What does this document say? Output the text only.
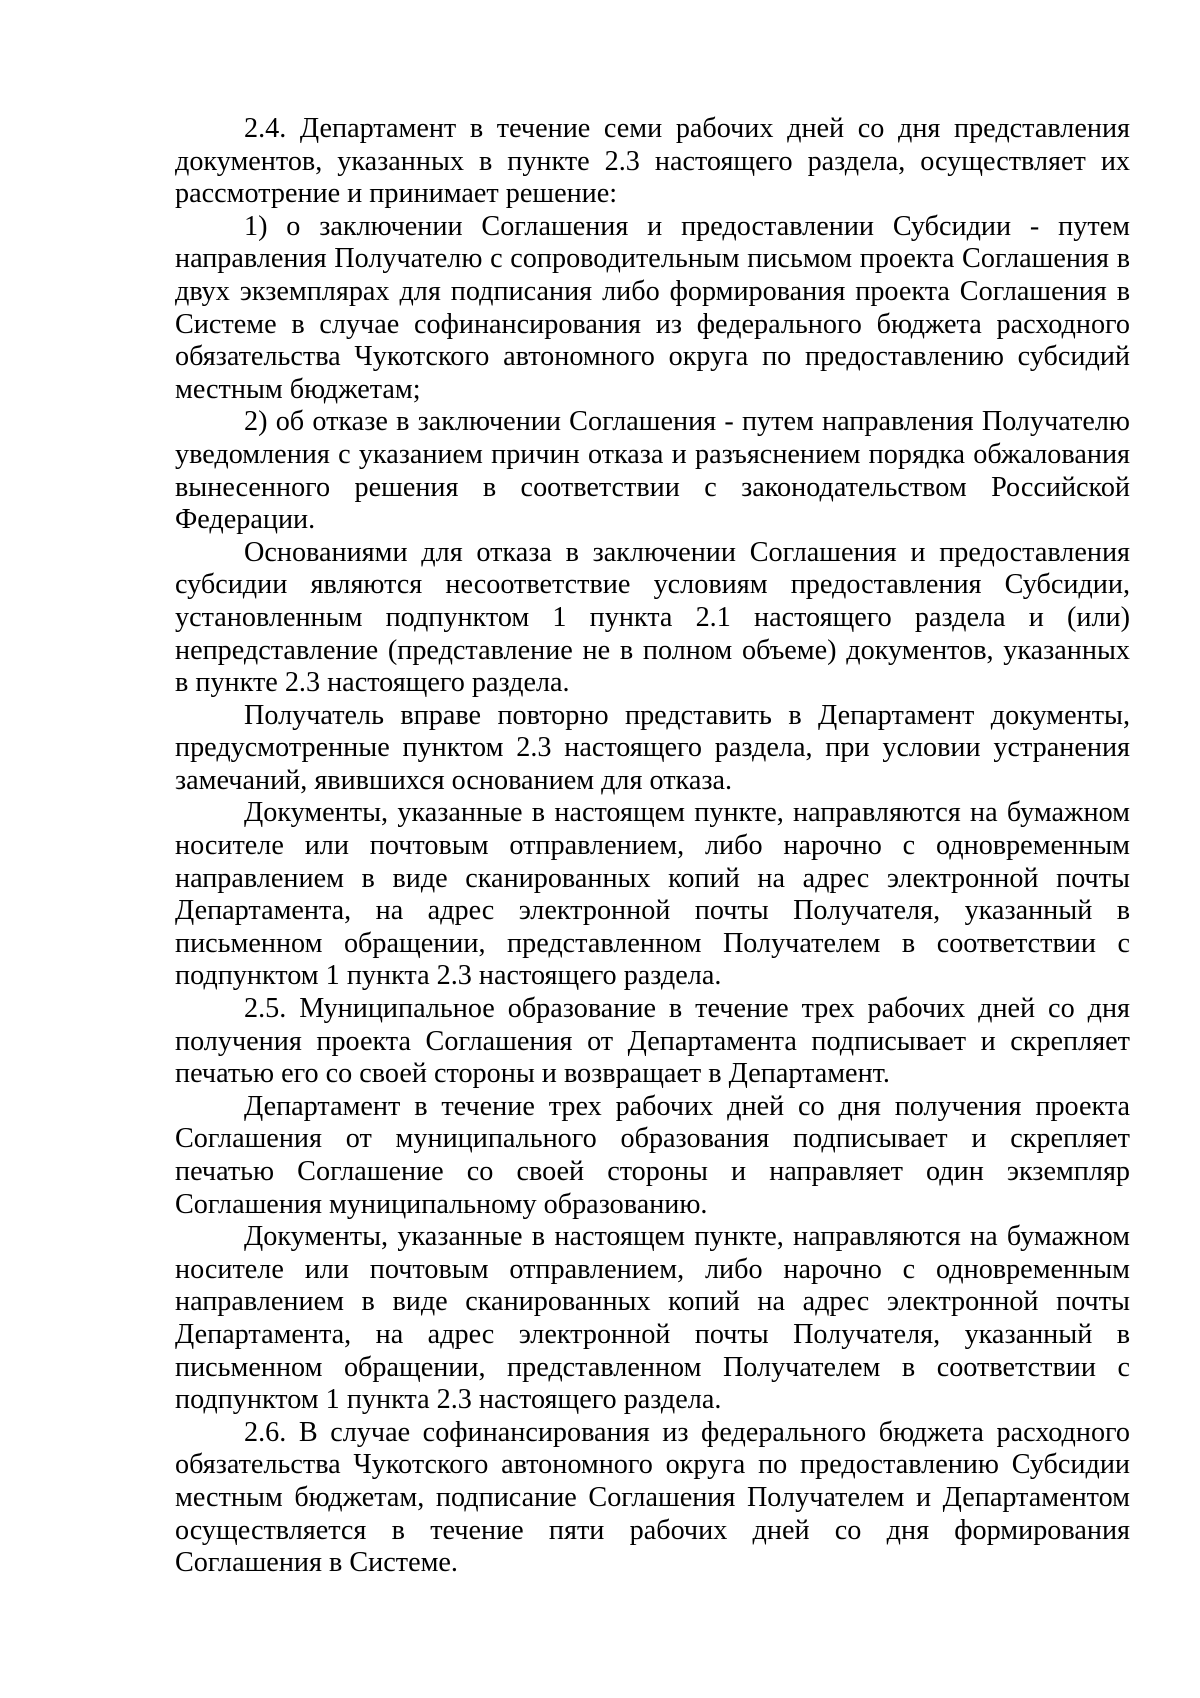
2.4. Департамент в течение семи рабочих дней со дня представления документов, указанных в пункте 2.3 настоящего раздела, осуществляет их рассмотрение и принимает решение:

1) о заключении Соглашения и предоставлении Субсидии - путем направления Получателю с сопроводительным письмом проекта Соглашения в двух экземплярах для подписания либо формирования проекта Соглашения в Системе в случае софинансирования из федерального бюджета расходного обязательства Чукотского автономного округа по предоставлению субсидий местным бюджетам;

2) об отказе в заключении Соглашения - путем направления Получателю уведомления с указанием причин отказа и разъяснением порядка обжалования вынесенного решения в соответствии с законодательством Российской Федерации.

Основаниями для отказа в заключении Соглашения и предоставления субсидии являются несоответствие условиям предоставления Субсидии, установленным подпунктом 1 пункта 2.1 настоящего раздела и (или) непредставление (представление не в полном объеме) документов, указанных в пункте 2.3 настоящего раздела.

Получатель вправе повторно представить в Департамент документы, предусмотренные пунктом 2.3 настоящего раздела, при условии устранения замечаний, явившихся основанием для отказа.

Документы, указанные в настоящем пункте, направляются на бумажном носителе или почтовым отправлением, либо нарочно с одновременным направлением в виде сканированных копий на адрес электронной почты Департамента, на адрес электронной почты Получателя, указанный в письменном обращении, представленном Получателем в соответствии с подпунктом 1 пункта 2.3 настоящего раздела.

2.5. Муниципальное образование в течение трех рабочих дней со дня получения проекта Соглашения от Департамента подписывает и скрепляет печатью его со своей стороны и возвращает в Департамент.

Департамент в течение трех рабочих дней со дня получения проекта Соглашения от муниципального образования подписывает и скрепляет печатью Соглашение со своей стороны и направляет один экземпляр Соглашения муниципальному образованию.

Документы, указанные в настоящем пункте, направляются на бумажном носителе или почтовым отправлением, либо нарочно с одновременным направлением в виде сканированных копий на адрес электронной почты Департамента, на адрес электронной почты Получателя, указанный в письменном обращении, представленном Получателем в соответствии с подпунктом 1 пункта 2.3 настоящего раздела.

2.6. В случае софинансирования из федерального бюджета расходного обязательства Чукотского автономного округа по предоставлению Субсидии местным бюджетам, подписание Соглашения Получателем и Департаментом осуществляется в течение пяти рабочих дней со дня формирования Соглашения в Системе.
